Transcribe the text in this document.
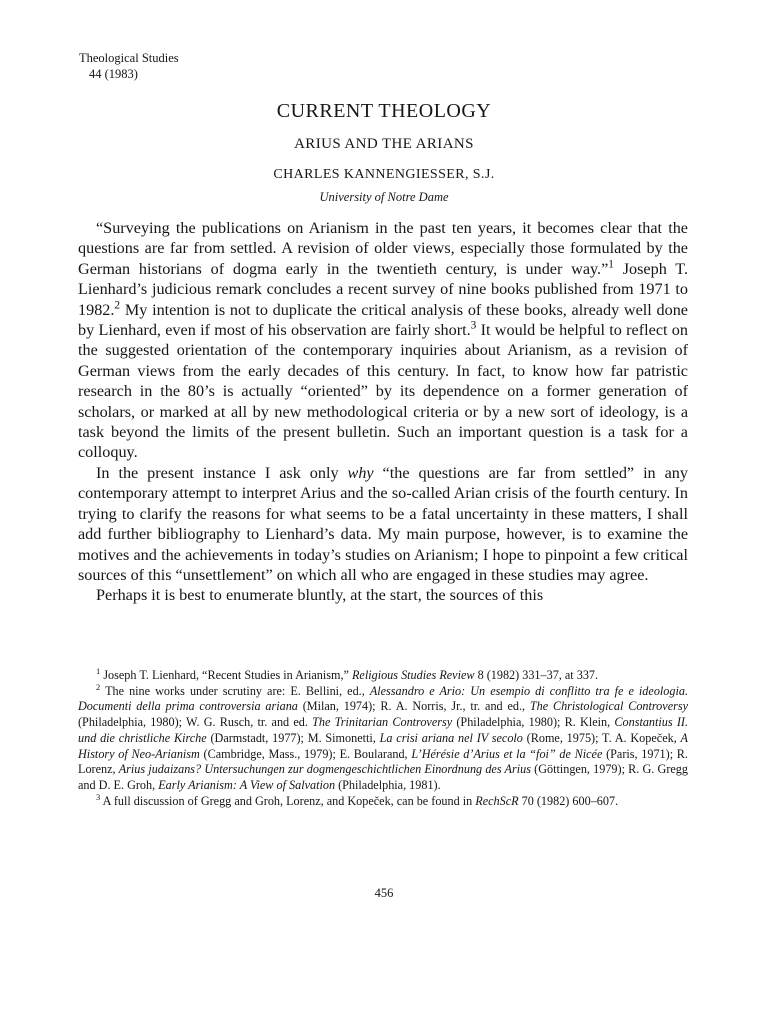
Theological Studies
44 (1983)
CURRENT THEOLOGY
ARIUS AND THE ARIANS
CHARLES KANNENGIESSER, S.J.
University of Notre Dame

“Surveying the publications on Arianism in the past ten years, it becomes clear that the questions are far from settled. A revision of older views, especially those formulated by the German historians of dogma early in the twentieth century, is under way.”$^1$ Joseph T. Lienhard’s judicious remark concludes a recent survey of nine books published from 1971 to 1982.$^2$ My intention is not to duplicate the critical analysis of these books, already well done by Lienhard, even if most of his observation are fairly short.$^3$ It would be helpful to reflect on the suggested orientation of the contemporary inquiries about Arianism, as a revision of German views from the early decades of this century. In fact, to know how far patristic research in the 80’s is actually “oriented” by its dependence on a former generation of scholars, or marked at all by new methodological criteria or by a new sort of ideology, is a task beyond the limits of the present bulletin. Such an important question is a task for a colloquy.

In the present instance I ask only why “the questions are far from settled” in any contemporary attempt to interpret Arius and the so-called Arian crisis of the fourth century. In trying to clarify the reasons for what seems to be a fatal uncertainty in these matters, I shall add further bibliography to Lienhard’s data. My main purpose, however, is to examine the motives and the achievements in today’s studies on Arianism; I hope to pinpoint a few critical sources of this “unsettlement” on which all who are engaged in these studies may agree.

Perhaps it is best to enumerate bluntly, at the start, the sources of this

$^1$ Joseph T. Lienhard, “Recent Studies in Arianism,” Religious Studies Review 8 (1982) 331–37, at 337.

$^2$ The nine works under scrutiny are: E. Bellini, ed., Alessandro e Ario: Un esempio di conflitto tra fe e ideologia. Documenti della prima controversia ariana (Milan, 1974); R. A. Norris, Jr., tr. and ed., The Christological Controversy (Philadelphia, 1980); W. G. Rusch, tr. and ed. The Trinitarian Controversy (Philadelphia, 1980); R. Klein, Constantius II. und die christliche Kirche (Darmstadt, 1977); M. Simonetti, La crisi ariana nel IV secolo (Rome, 1975); T. A. Kopeček, A History of Neo-Arianism (Cambridge, Mass., 1979); E. Boularand, L’Hérésie d’Arius et la “foi” de Nicée (Paris, 1971); R. Lorenz, Arius judaizans? Untersuchungen zur dogmengeschichtlichen Einordnung des Arius (Göttingen, 1979); R. G. Gregg and D. E. Groh, Early Arianism: A View of Salvation (Philadelphia, 1981).

$^3$ A full discussion of Gregg and Groh, Lorenz, and Kopeček, can be found in RechScR 70 (1982) 600–607.

456
